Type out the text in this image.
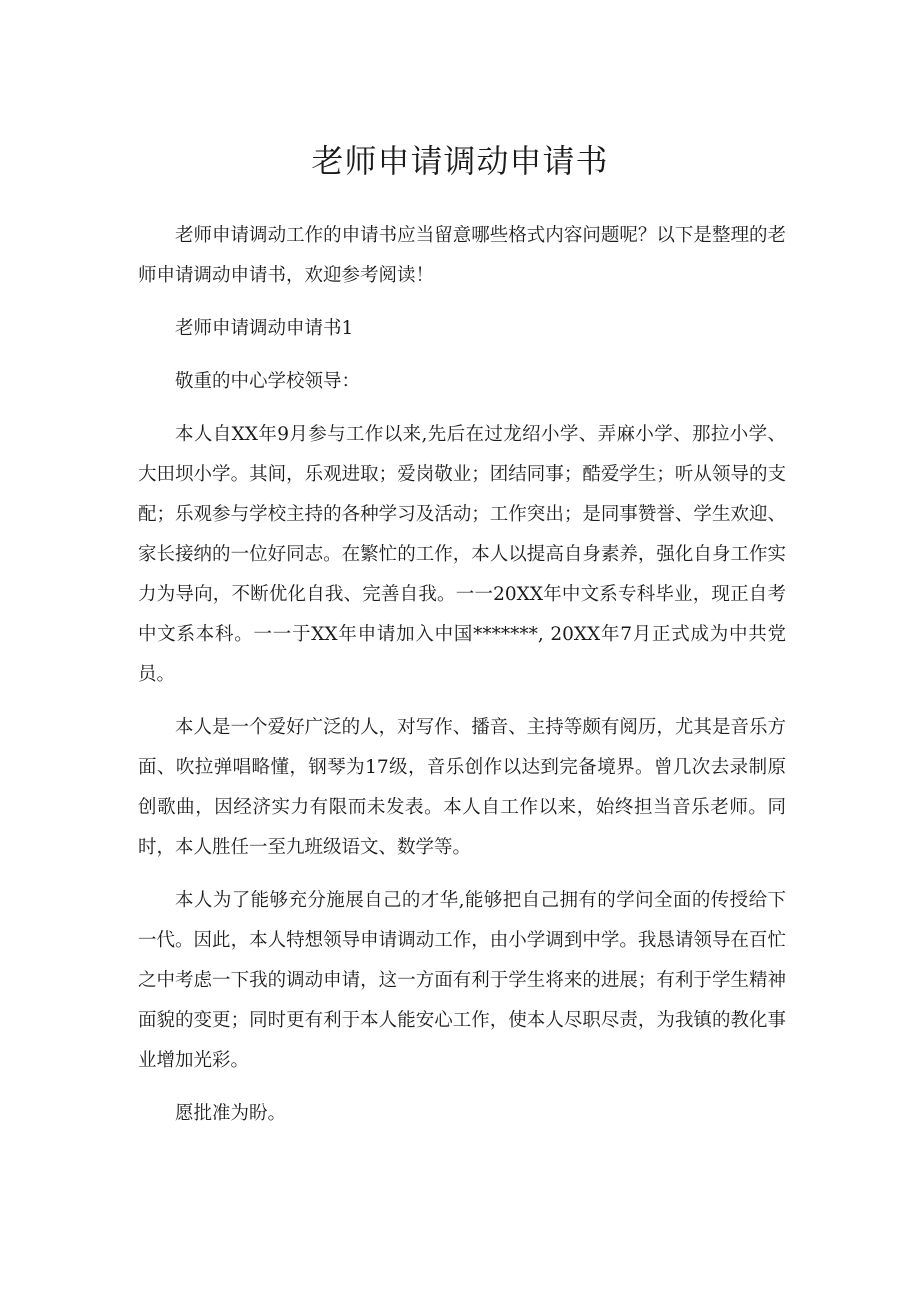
老师申请调动申请书

老师申请调动工作的申请书应当留意哪些格式内容问题呢？以下是整理的老师申请调动申请书，欢迎参考阅读！

老师申请调动申请书1

敬重的中心学校领导：

本人自XX年9月参与工作以来,先后在过龙绍小学、弄麻小学、那拉小学、大田坝小学。其间，乐观进取；爱岗敬业；团结同事；酷爱学生；听从领导的支配；乐观参与学校主持的各种学习及活动；工作突出；是同事赞誉、学生欢迎、家长接纳的一位好同志。在繁忙的工作，本人以提高自身素养，强化自身工作实力为导向，不断优化自我、完善自我。一一20XX年中文系专科毕业，现正自考中文系本科。一一于XX年申请加入中国*******, 20XX年7月正式成为中共党员。

本人是一个爱好广泛的人，对写作、播音、主持等颇有阅历，尤其是音乐方面、吹拉弹唱略懂，钢琴为17级，音乐创作以达到完备境界。曾几次去录制原创歌曲，因经济实力有限而未发表。本人自工作以来，始终担当音乐老师。同时，本人胜任一至九班级语文、数学等。

本人为了能够充分施展自己的才华,能够把自己拥有的学问全面的传授给下一代。因此，本人特想领导申请调动工作，由小学调到中学。我恳请领导在百忙之中考虑一下我的调动申请，这一方面有利于学生将来的进展；有利于学生精神面貌的变更；同时更有利于本人能安心工作，使本人尽职尽责，为我镇的教化事业增加光彩。

愿批准为盼。
